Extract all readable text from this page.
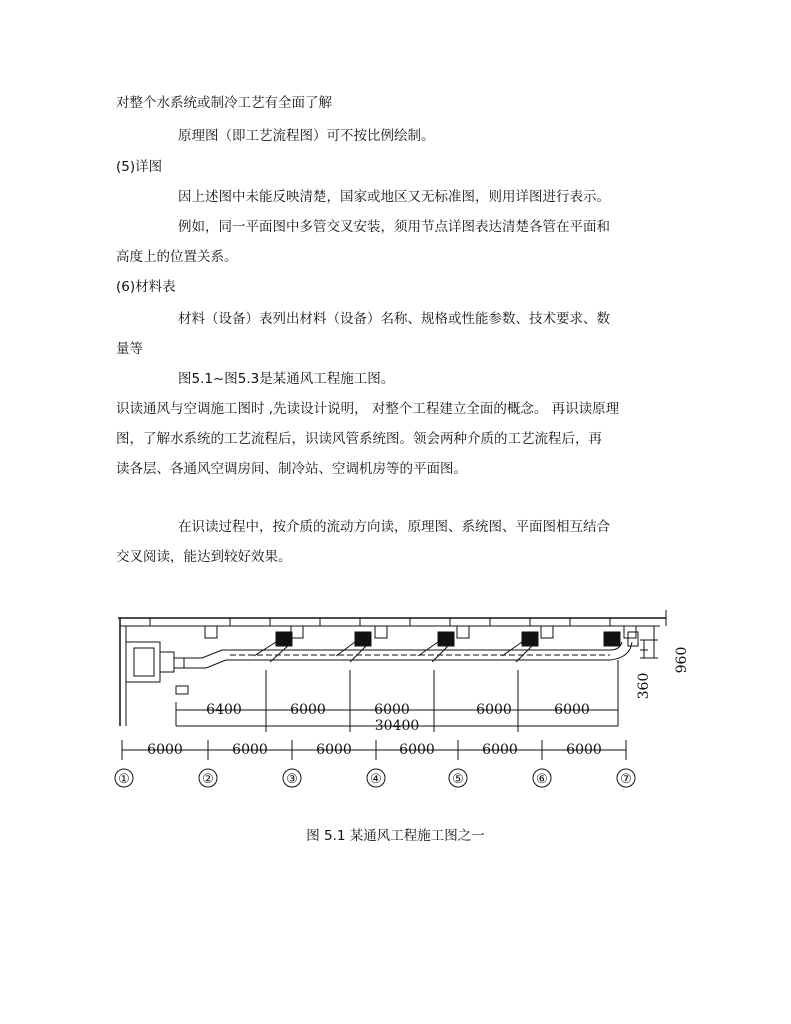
对整个水系统或制冷工艺有全面了解
原理图（即工艺流程图）可不按比例绘制。
(5)详图
因上述图中未能反映清楚，国家或地区又无标准图，则用详图进行表示。
例如，同一平面图中多管交叉安装，须用节点详图表达清楚各管在平面和
高度上的位置关系。
(6)材料表
材料（设备）表列出材料（设备）名称、规格或性能参数、技术要求、数
量等
图5.1~图5.3是某通风工程施工图。
识读通风与空调施工图时 ,先读设计说明， 对整个工程建立全面的概念。 再识读原理
图，了解水系统的工艺流程后，识读风管系统图。领会两种介质的工艺流程后，再
读各层、各通风空调房间、制冷站、空调机房等的平面图。
在识读过程中，按介质的流动方向读，原理图、系统图、平面图相互结合
交叉阅读，能达到较好效果。
6400	6000	6000	6000	6000
30400
6000	6000	6000	6000	6000	6000
①	②	③	④	⑤	⑥	⑦
960
360
图 5.1 某通风工程施工图之一
